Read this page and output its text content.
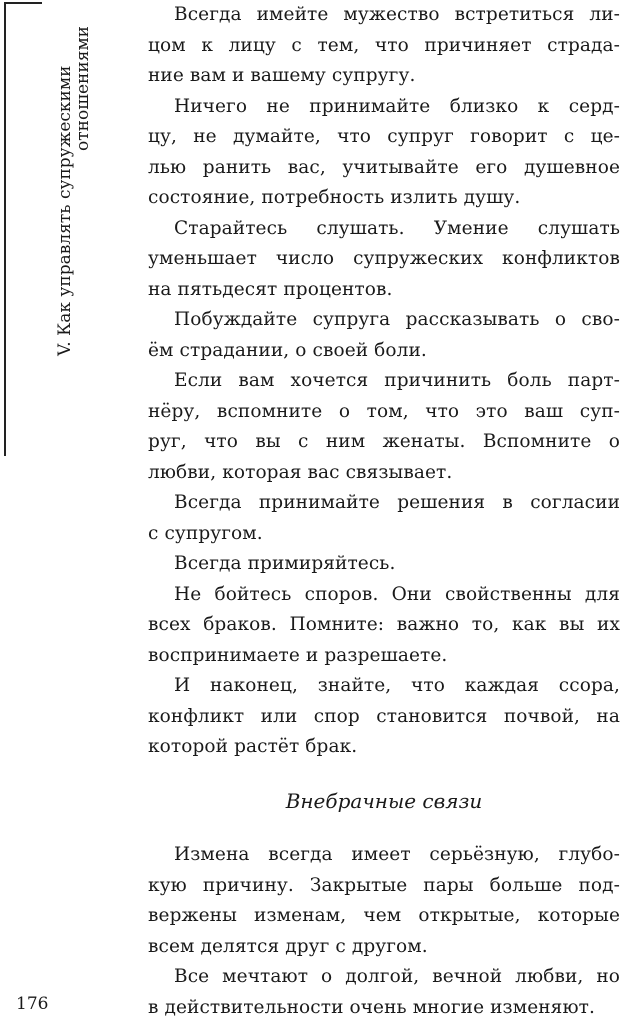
V. Как управлять супружескими
отношениями
Всегда имейте мужество встретиться ли-
цом к лицу с тем, что причиняет страда-
ние вам и вашему супругу.
Ничего не принимайте близко к серд-
цу, не думайте, что супруг говорит с це-
лью ранить вас, учитывайте его душевное
состояние, потребность излить душу.
Старайтесь слушать. Умение слушать
уменьшает число супружеских конфликтов
на пятьдесят процентов.
Побуждайте супруга рассказывать о сво-
ём страдании, о своей боли.
Если вам хочется причинить боль парт-
нёру, вспомните о том, что это ваш суп-
руг, что вы с ним женаты. Вспомните о
любви, которая вас связывает.
Всегда принимайте решения в согласии
с супругом.
Всегда примиряйтесь.
Не бойтесь споров. Они свойственны для
всех браков. Помните: важно то, как вы их
воспринимаете и разрешаете.
И наконец, знайте, что каждая ссора,
конфликт или спор становится почвой, на
которой растёт брак.
Измена всегда имеет серьёзную, глубо-
кую причину. Закрытые пары больше под-
вержены изменам, чем открытые, которые
всем делятся друг с другом.
Все мечтают о долгой, вечной любви, но
в действительности очень многие изменяют.
Внебрачные связи
176
